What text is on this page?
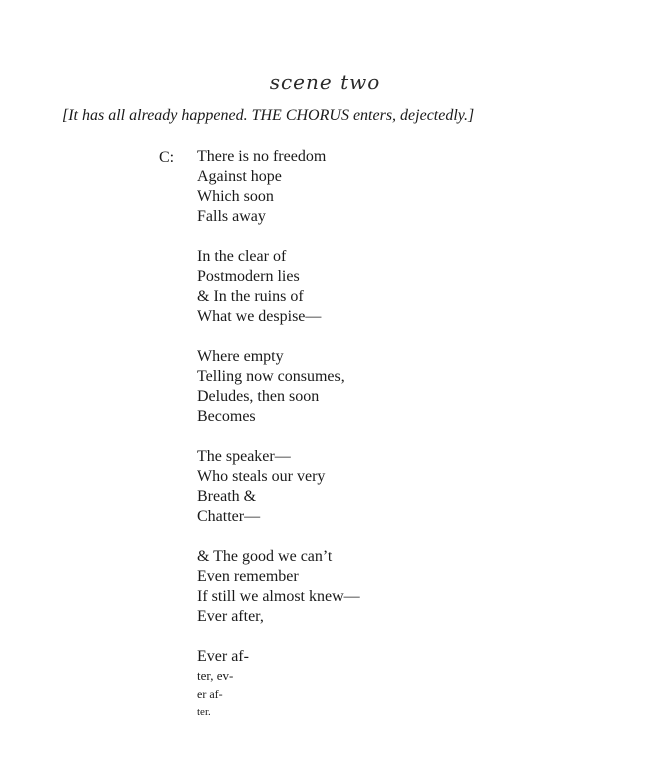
scene two
[It has all already happened. THE CHORUS enters, dejectedly.]
C: There is no freedom
Against hope
Which soon
Falls away
In the clear of
Postmodern lies
& In the ruins of
What we despise—
Where empty
Telling now consumes,
Deludes, then soon
Becomes
The speaker—
Who steals our very
Breath &
Chatter—
& The good we can’t
Even remember
If still we almost knew—
Ever after,
Ever af-
ter, ev-
er af-
ter.
